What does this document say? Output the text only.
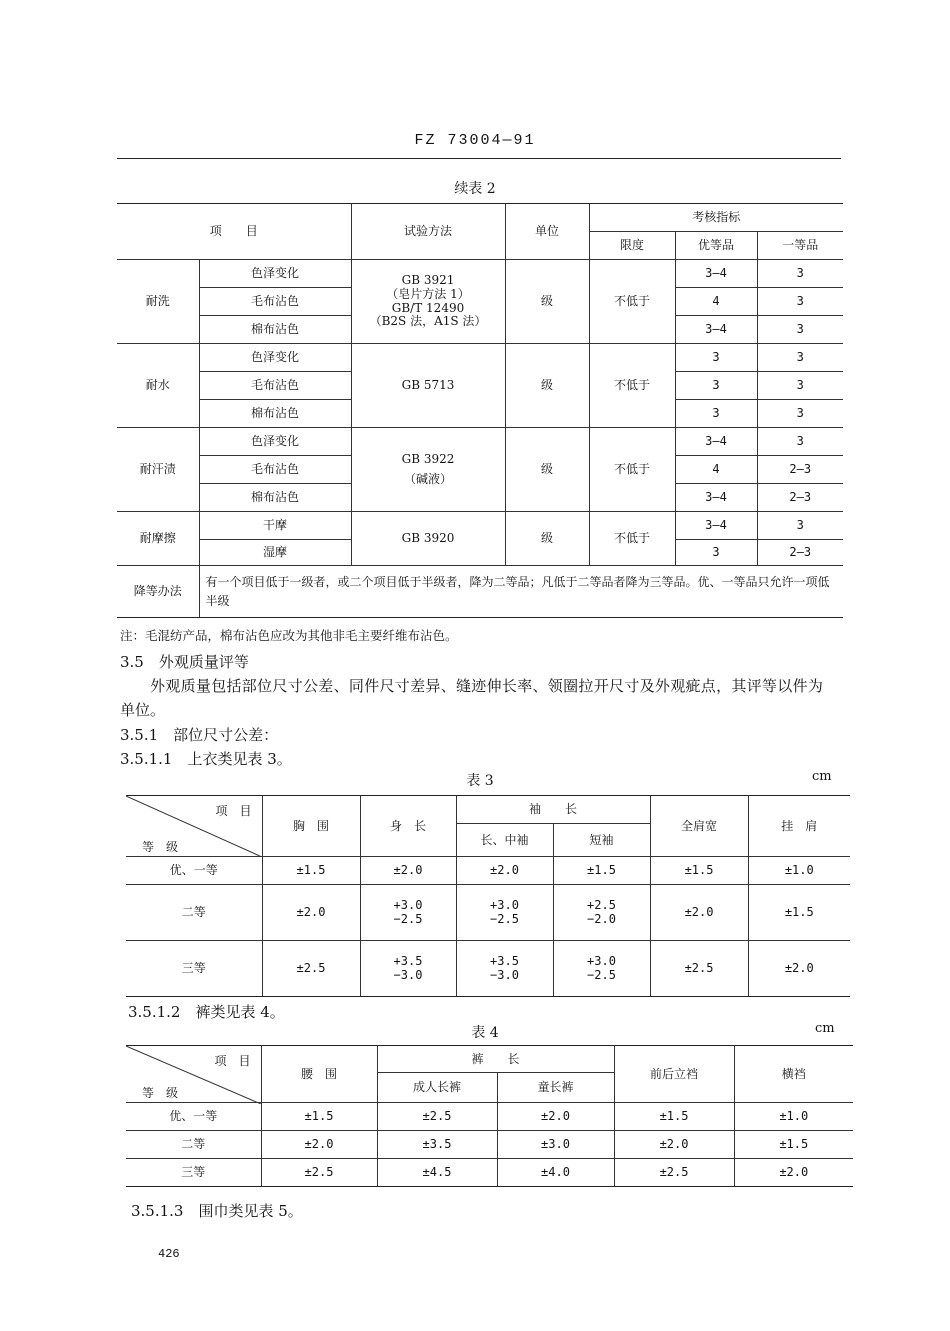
FZ 73004—91
续表 2
项　　目		试验方法	单位	考核指标		
				限度	优等品	一等品
耐洗	色泽变化	GB 3921
（皂片方法 1）
GB/T 12490
（B2S 法，A1S 法）	级	不低于	3—4	3
	毛布沾色				4	3
	棉布沾色				3—4	3
耐水	色泽变化	GB 5713	级	不低于	3	3
	毛布沾色				3	3
	棉布沾色				3	3
耐汗渍	色泽变化	GB 3922
（碱液）	级	不低于	3—4	3
	毛布沾色				4	2—3
	棉布沾色				3—4	2—3
耐摩擦	干摩	GB 3920	级	不低于	3—4	3
	湿摩				3	2—3
降等办法	有一个项目低于一级者，或二个项目低于半级者，降为二等品；凡低于二等品者降为三等品。优、一等品只允许一项低半级					
注：毛混纺产品，棉布沾色应改为其他非毛主要纤维布沾色。
3.5　外观质量评等
外观质量包括部位尺寸公差、同件尺寸差异、缝迹伸长率、领圈拉开尺寸及外观疵点，其评等以件为
单位。
3.5.1　部位尺寸公差：
3.5.1.1　上衣类见表 3。
表 3	cm
项　目
等　级	胸　围	身　长	袖　　长		全肩宽	挂　肩
			长、中袖	短袖		
优、一等	±1.5	±2.0	±2.0	±1.5	±1.5	±1.0
二等	±2.0	+3.0
−2.5	+3.0
−2.5	+2.5
−2.0	±2.0	±1.5
三等	±2.5	+3.5
−3.0	+3.5
−3.0	+3.0
−2.5	±2.5	±2.0
3.5.1.2　裤类见表 4。
表 4	cm
项　目
等　级	腰　围	裤　　长		前后立裆	横裆
		成人长裤	童长裤		
优、一等	±1.5	±2.5	±2.0	±1.5	±1.0
二等	±2.0	±3.5	±3.0	±2.0	±1.5
三等	±2.5	±4.5	±4.0	±2.5	±2.0
3.5.1.3　围巾类见表 5。
426
